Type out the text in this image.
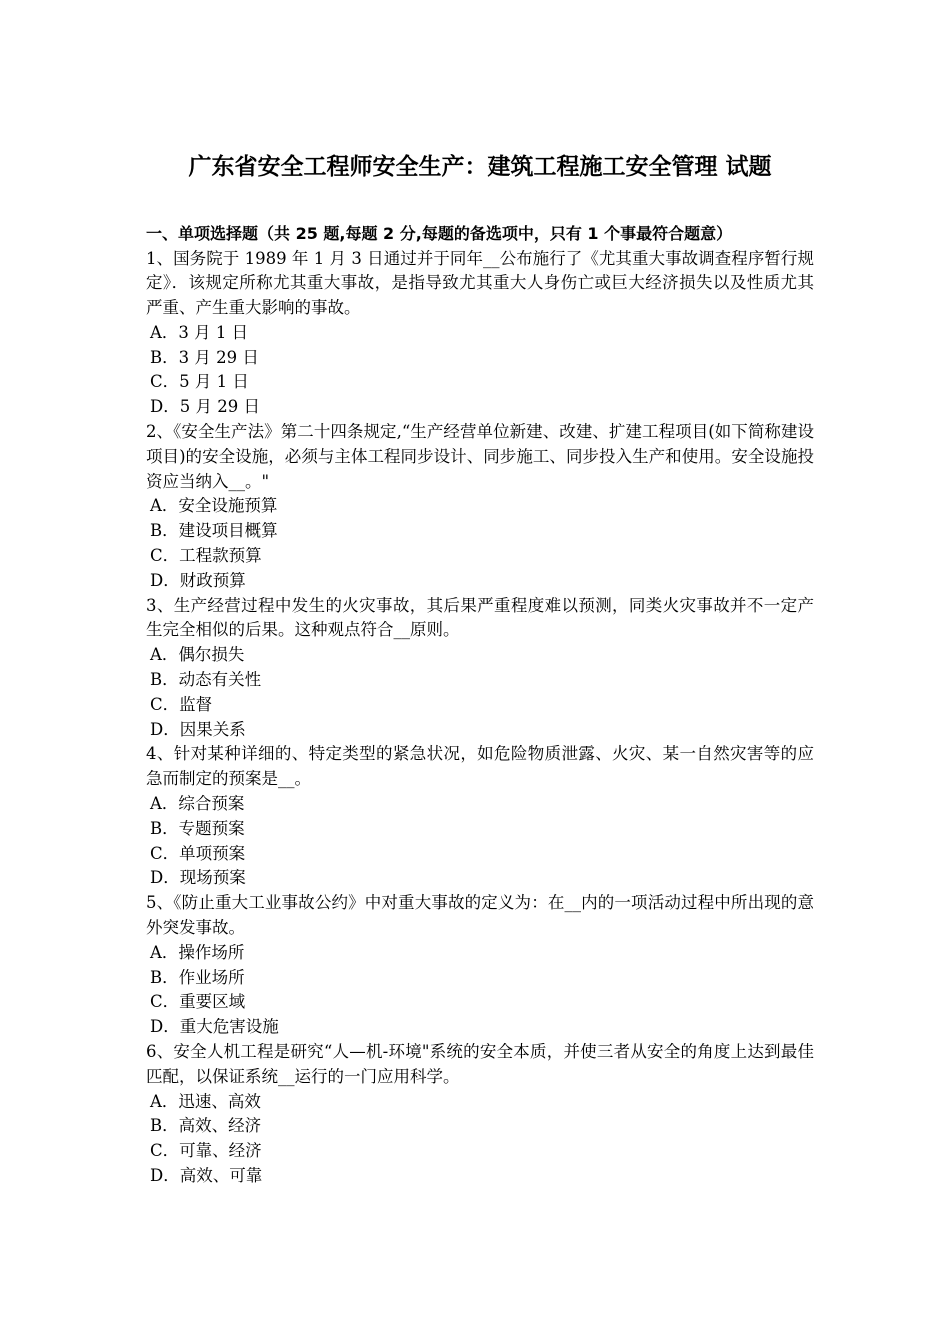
广东省安全工程师安全生产：建筑工程施工安全管理 试题
一、单项选择题（共 25 题,每题 2 分,每题的备选项中，只有 1 个事最符合题意）
1、国务院于 1989 年 1 月 3 日通过并于同年__公布施行了《尤其重大事故调查程序暂行规定》．该规定所称尤其重大事故，是指导致尤其重大人身伤亡或巨大经济损失以及性质尤其严重、产生重大影响的事故。
A．3 月 1 日
B．3 月 29 日
C．5 月 1 日
D．5 月 29 日
2、《安全生产法》第二十四条规定,“生产经营单位新建、改建、扩建工程项目(如下简称建设项目)的安全设施，必须与主体工程同步设计、同步施工、同步投入生产和使用。安全设施投资应当纳入__。"
A．安全设施预算
B．建设项目概算
C．工程款预算
D．财政预算
3、生产经营过程中发生的火灾事故，其后果严重程度难以预测，同类火灾事故并不一定产生完全相似的后果。这种观点符合__原则。
A．偶尔损失
B．动态有关性
C．监督
D．因果关系
4、针对某种详细的、特定类型的紧急状况，如危险物质泄露、火灾、某一自然灾害等的应急而制定的预案是__。
A．综合预案
B．专题预案
C．单项预案
D．现场预案
5、《防止重大工业事故公约》中对重大事故的定义为：在__内的一项活动过程中所出现的意外突发事故。
A．操作场所
B．作业场所
C．重要区域
D．重大危害设施
6、安全人机工程是研究“人—机-环境"系统的安全本质，并使三者从安全的角度上达到最佳匹配，以保证系统__运行的一门应用科学。
A．迅速、高效
B．高效、经济
C．可靠、经济
D．高效、可靠
